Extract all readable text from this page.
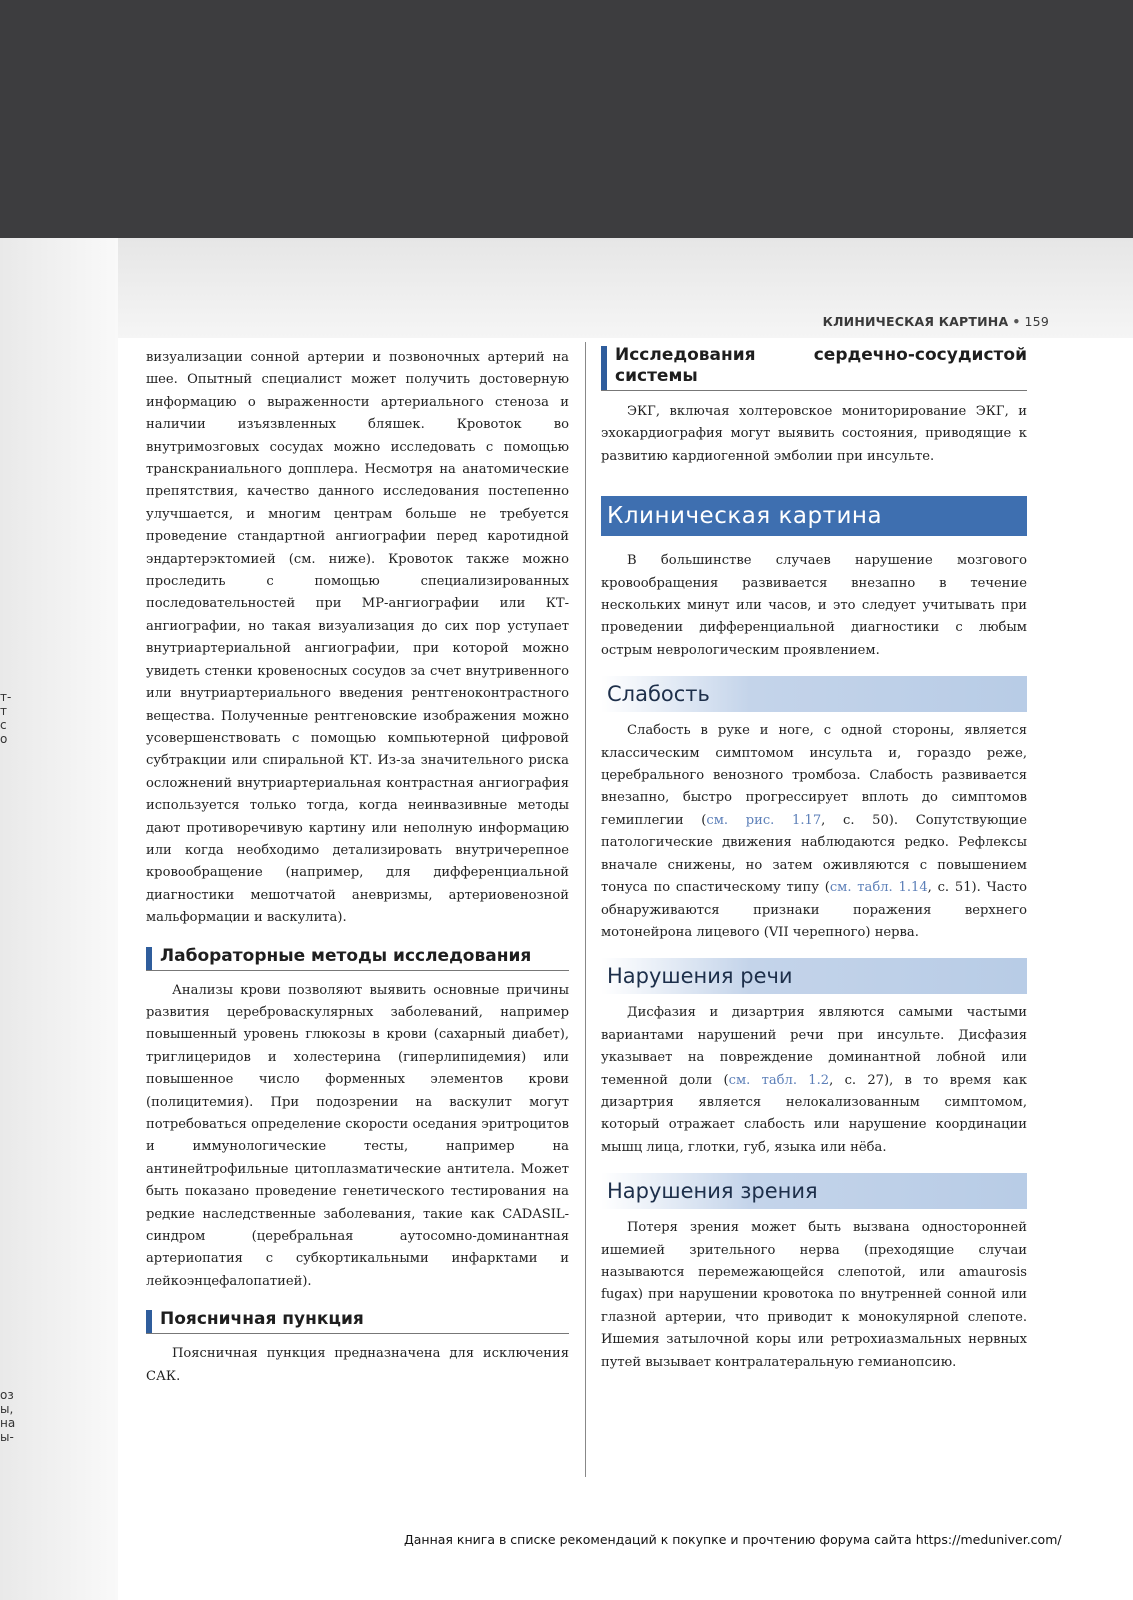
т-
т
с
о
оз
ы,
на
ы-
КЛИНИЧЕСКАЯ КАРТИНА • 159

визуализации сонной артерии и позвоночных артерий на шее. Опытный специалист может получить достоверную информацию о выраженности артериального стеноза и наличии изъязвленных бляшек. Кровоток во внутримозговых сосудах можно исследовать с помощью транскраниального допплера. Несмотря на анатомические препятствия, качество данного исследования постепенно улучшается, и многим центрам больше не требуется проведение стандартной ангиографии перед каротидной эндартерэктомией (см. ниже). Кровоток также можно проследить с помощью специализированных последовательностей при МР-ангиографии или КТ-ангиографии, но такая визуализация до сих пор уступает внутриартериальной ангиографии, при которой можно увидеть стенки кровеносных сосудов за счет внутривенного или внутриартериального введения рентгеноконтрастного вещества. Полученные рентгеновские изображения можно усовершенствовать с помощью компьютерной цифровой субтракции или спиральной КТ. Из-за значительного риска осложнений внутриартериальная контрастная ангиография используется только тогда, когда неинвазивные методы дают противоречивую картину или неполную информацию или когда необходимо детализировать внутричерепное кровообращение (например, для дифференциальной диагностики мешотчатой аневризмы, артериовенозной мальформации и васкулита).

Лабораторные методы исследования

Анализы крови позволяют выявить основные причины развития цереброваскулярных заболеваний, например повышенный уровень глюкозы в крови (сахарный диабет), триглицеридов и холестерина (гиперлипидемия) или повышенное число форменных элементов крови (полицитемия). При подозрении на васкулит могут потребоваться определение скорости оседания эритроцитов и иммунологические тесты, например на антинейтрофильные цитоплазматические антитела. Может быть показано проведение генетического тестирования на редкие наследственные заболевания, такие как CADASIL-синдром (церебральная аутосомно-доминантная артериопатия с субкортикальными инфарктами и лейкоэнцефалопатией).

Поясничная пункция

Поясничная пункция предназначена для исключения САК.

Исследования сердечно-сосудистой системы

ЭКГ, включая холтеровское мониторирование ЭКГ, и эхокардиография могут выявить состояния, приводящие к развитию кардиогенной эмболии при инсульте.

Клиническая картина

В большинстве случаев нарушение мозгового кровообращения развивается внезапно в течение нескольких минут или часов, и это следует учитывать при проведении дифференциальной диагностики с любым острым неврологическим проявлением.

Слабость

Слабость в руке и ноге, с одной стороны, является классическим симптомом инсульта и, гораздо реже, церебрального венозного тромбоза. Слабость развивается внезапно, быстро прогрессирует вплоть до симптомов гемиплегии (см. рис. 1.17, с. 50). Сопутствующие патологические движения наблюдаются редко. Рефлексы вначале снижены, но затем оживляются с повышением тонуса по спастическому типу (см. табл. 1.14, с. 51). Часто обнаруживаются признаки поражения верхнего мотонейрона лицевого (VII черепного) нерва.

Нарушения речи

Дисфазия и дизартрия являются самыми частыми вариантами нарушений речи при инсульте. Дисфазия указывает на повреждение доминантной лобной или теменной доли (см. табл. 1.2, с. 27), в то время как дизартрия является нелокализованным симптомом, который отражает слабость или нарушение координации мышц лица, глотки, губ, языка или нёба.

Нарушения зрения

Потеря зрения может быть вызвана односторонней ишемией зрительного нерва (преходящие случаи называются перемежающейся слепотой, или amaurosis fugax) при нарушении кровотока по внутренней сонной или глазной артерии, что приводит к монокулярной слепоте. Ишемия затылочной коры или ретрохиазмальных нервных путей вызывает контралатеральную гемианопсию.

Данная книга в списке рекомендаций к покупке и прочтению форума сайта https://meduniver.com/
